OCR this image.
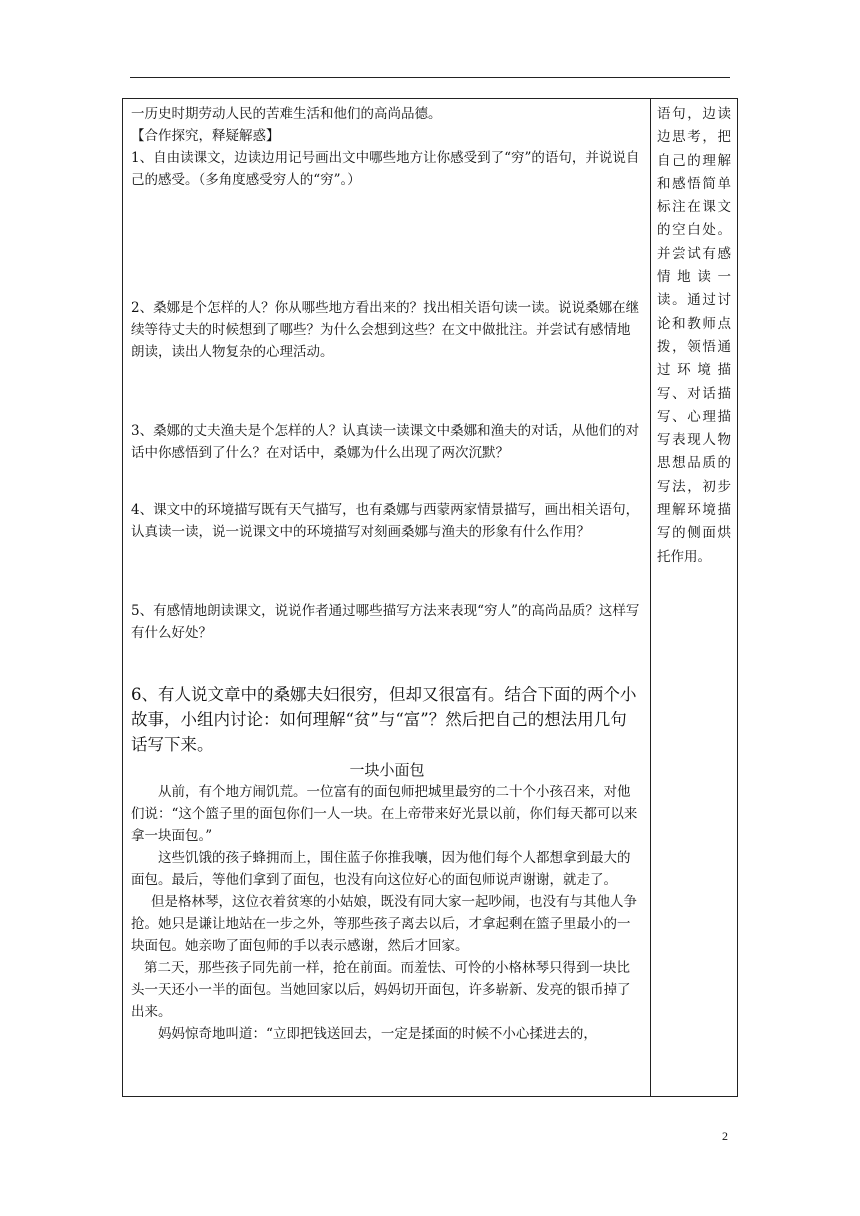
一历史时期劳动人民的苦难生活和他们的高尚品德。

【合作探究，释疑解惑】

1、自由读课文，边读边用记号画出文中哪些地方让你感受到了“穷”的语句，并说说自己的感受。（多角度感受穷人的“穷”。）

2、桑娜是个怎样的人？你从哪些地方看出来的？找出相关语句读一读。说说桑娜在继续等待丈夫的时候想到了哪些？为什么会想到这些？在文中做批注。并尝试有感情地朗读，读出人物复杂的心理活动。

3、桑娜的丈夫渔夫是个怎样的人？认真读一读课文中桑娜和渔夫的对话，从他们的对话中你感悟到了什么？在对话中，桑娜为什么出现了两次沉默？

4、课文中的环境描写既有天气描写，也有桑娜与西蒙两家情景描写，画出相关语句，认真读一读，说一说课文中的环境描写对刻画桑娜与渔夫的形象有什么作用？

5、有感情地朗读课文，说说作者通过哪些描写方法来表现“穷人”的高尚品质？这样写有什么好处？

6、有人说文章中的桑娜夫妇很穷，但却又很富有。结合下面的两个小故事，小组内讨论：如何理解“贫”与“富”？然后把自己的想法用几句话写下来。

一块小面包

从前，有个地方闹饥荒。一位富有的面包师把城里最穷的二十个小孩召来，对他们说：“这个篮子里的面包你们一人一块。在上帝带来好光景以前，你们每天都可以来拿一块面包。”

这些饥饿的孩子蜂拥而上，围住蓝子你推我嚷，因为他们每个人都想拿到最大的面包。最后，等他们拿到了面包，也没有向这位好心的面包师说声谢谢，就走了。

但是格林琴，这位衣着贫寒的小姑娘，既没有同大家一起吵闹，也没有与其他人争抢。她只是谦让地站在一步之外，等那些孩子离去以后，才拿起剩在篮子里最小的一块面包。她亲吻了面包师的手以表示感谢，然后才回家。

第二天，那些孩子同先前一样，抢在前面。而羞怯、可怜的小格林琴只得到一块比头一天还小一半的面包。当她回家以后，妈妈切开面包，许多崭新、发亮的银币掉了出来。

妈妈惊奇地叫道：“立即把钱送回去，一定是揉面的时候不小心揉进去的，

语句，边读边思考，把自己的理解和感悟简单标注在课文的空白处。并尝试有感情地读一读。通过讨论和教师点拨，领悟通过环境描写、对话描写、心理描写表现人物思想品质的写法，初步理解环境描写的侧面烘托作用。
2
